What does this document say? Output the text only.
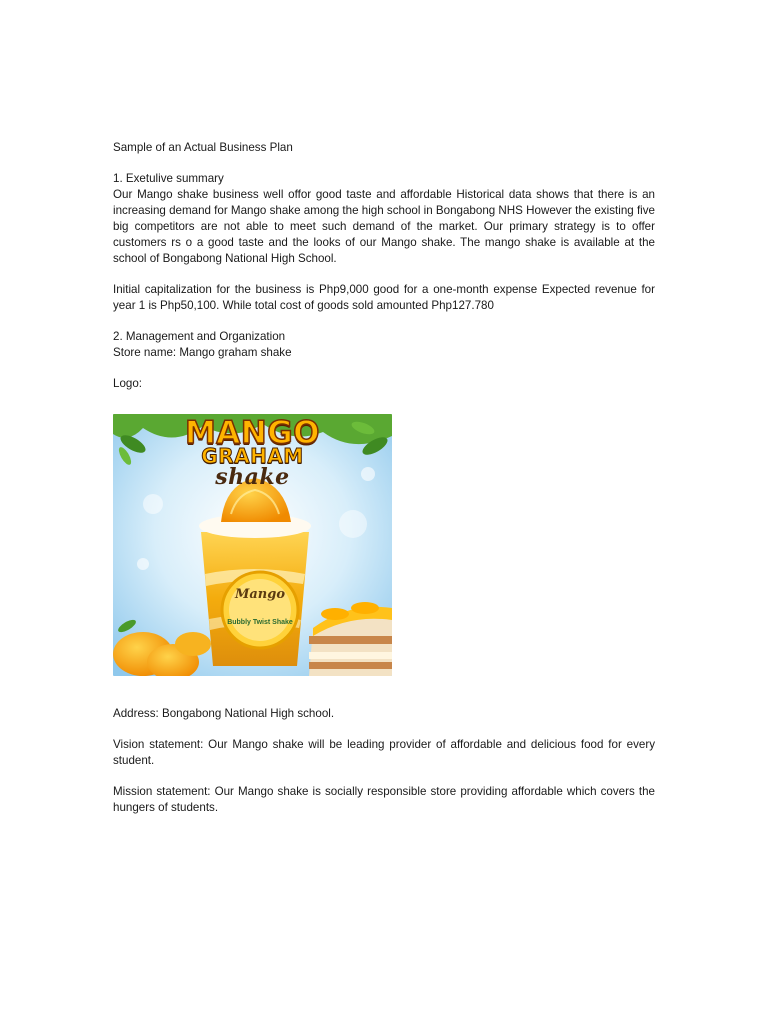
Sample of an Actual Business Plan

1. Exetulive summary

Our Mango shake business well offor good taste and affordable Historical data shows that there is an increasing demand for Mango shake among the high school in Bongabong NHS However the existing five big competitors are not able to meet such demand of the market. Our primary strategy is to offer customers rs o a good taste and the looks of our Mango shake. The mango shake is available at the school of Bongabong National High School.

Initial capitalization for the business is Php9,000 good for a one-month expense Expected revenue for year 1 is Php50,100. While total cost of goods sold amounted Php127.780

2. Management and Organization

Store name: Mango graham shake

Logo:

MANGO
GRAHAM
shake
Mango
Bubbly Twist Shake

Address: Bongabong National High school.

Vision statement: Our Mango shake will be leading provider of affordable and delicious food for every student.

Mission statement: Our Mango shake is socially responsible store providing affordable which covers the hungers of students.
